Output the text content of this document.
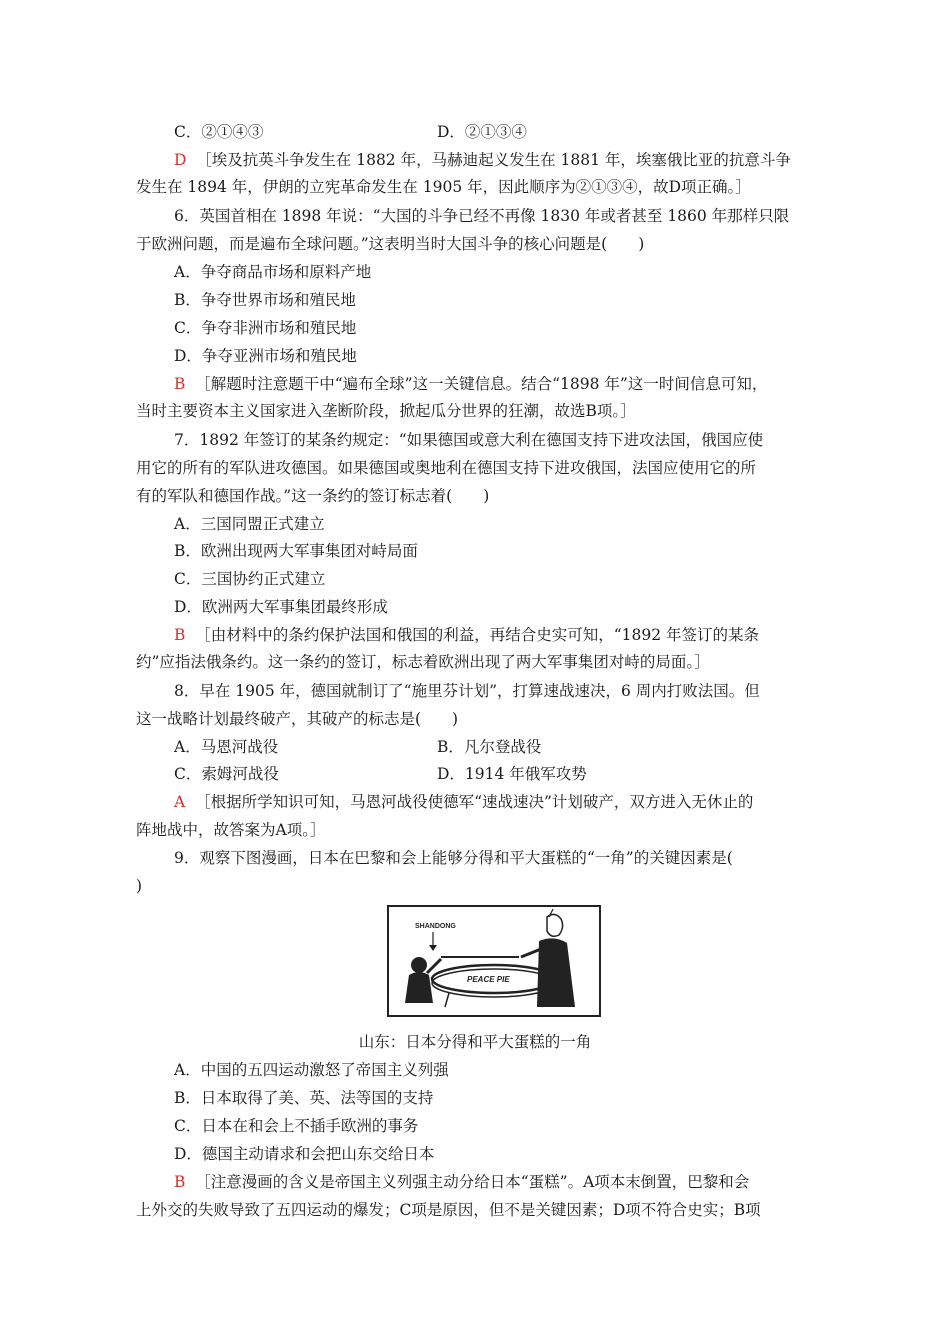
C．②①④③	D．②①③④
D ［埃及抗英斗争发生在 1882 年，马赫迪起义发生在 1881 年，埃塞俄比亚的抗意斗争
发生在 1894 年，伊朗的立宪革命发生在 1905 年，因此顺序为②①③④，故D项正确。］
6．英国首相在 1898 年说：“大国的斗争已经不再像 1830 年或者甚至 1860 年那样只限
于欧洲问题，而是遍布全球问题。”这表明当时大国斗争的核心问题是(　　)
A．争夺商品市场和原料产地
B．争夺世界市场和殖民地
C．争夺非洲市场和殖民地
D．争夺亚洲市场和殖民地
B ［解题时注意题干中“遍布全球”这一关键信息。结合“1898 年”这一时间信息可知，
当时主要资本主义国家进入垄断阶段，掀起瓜分世界的狂潮，故选B项。］
7．1892 年签订的某条约规定：“如果德国或意大利在德国支持下进攻法国，俄国应使
用它的所有的军队进攻德国。如果德国或奥地利在德国支持下进攻俄国，法国应使用它的所
有的军队和德国作战。”这一条约的签订标志着(　　)
A．三国同盟正式建立
B．欧洲出现两大军事集团对峙局面
C．三国协约正式建立
D．欧洲两大军事集团最终形成
B ［由材料中的条约保护法国和俄国的利益，再结合史实可知，“1892 年签订的某条
约”应指法俄条约。这一条约的签订，标志着欧洲出现了两大军事集团对峙的局面。］
8．早在 1905 年，德国就制订了“施里芬计划”，打算速战速决，6 周内打败法国。但
这一战略计划最终破产，其破产的标志是(　　)
A．马恩河战役	B．凡尔登战役
C．索姆河战役	D．1914 年俄军攻势
A ［根据所学知识可知，马恩河战役使德军“速战速决”计划破产，双方进入无休止的
阵地战中，故答案为A项。］
9．观察下图漫画，日本在巴黎和会上能够分得和平大蛋糕的“一角”的关键因素是(
)
SHANDONG
PEACE PIE
山东：日本分得和平大蛋糕的一角
A．中国的五四运动激怒了帝国主义列强
B．日本取得了美、英、法等国的支持
C．日本在和会上不插手欧洲的事务
D．德国主动请求和会把山东交给日本
B ［注意漫画的含义是帝国主义列强主动分给日本“蛋糕”。A项本末倒置，巴黎和会
上外交的失败导致了五四运动的爆发；C项是原因，但不是关键因素；D项不符合史实；B项
